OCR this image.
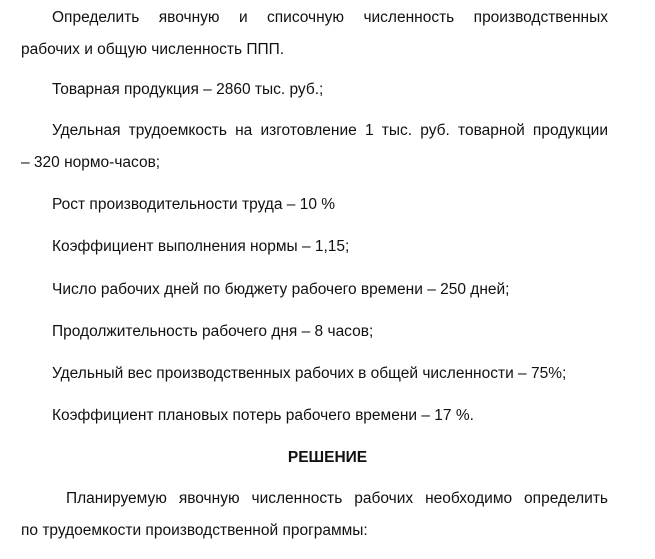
Определить явочную и списочную численность производственных
рабочих и общую численность ППП.
Товарная продукция – 2860 тыс. руб.;
Удельная трудоемкость на изготовление 1 тыс. руб. товарной продукции
– 320 нормо-часов;
Рост производительности труда – 10 %
Коэффициент выполнения нормы – 1,15;
Число рабочих дней по бюджету рабочего времени – 250 дней;
Продолжительность рабочего дня – 8 часов;
Удельный вес производственных рабочих в общей численности – 75%;
Коэффициент плановых потерь рабочего времени – 17 %.
РЕШЕНИЕ
Планируемую явочную численность рабочих необходимо определить
по трудоемкости производственной программы:
